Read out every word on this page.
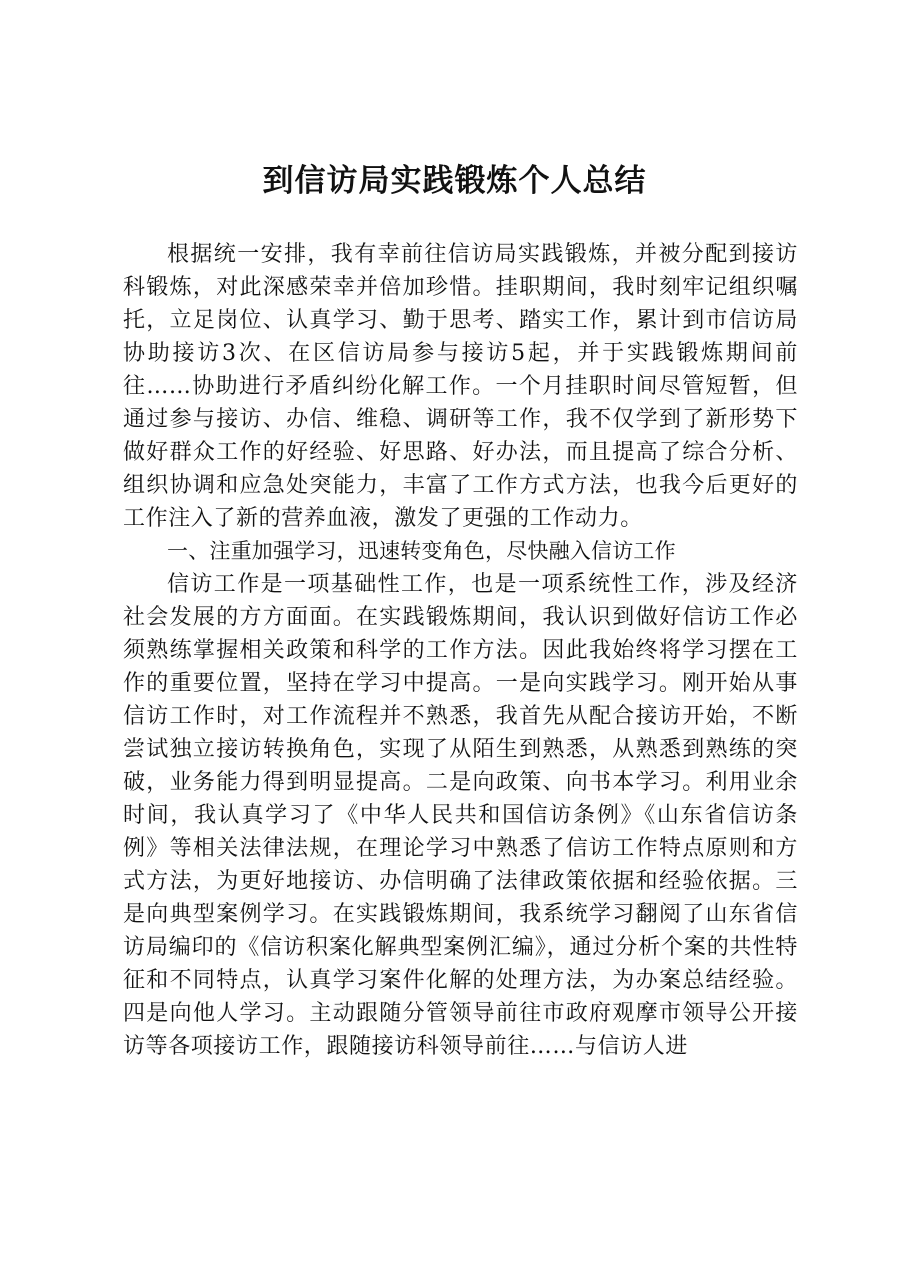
到信访局实践锻炼个人总结

根据统一安排，我有幸前往信访局实践锻炼，并被分配到接访科锻炼，对此深感荣幸并倍加珍惜。挂职期间，我时刻牢记组织嘱托，立足岗位、认真学习、勤于思考、踏实工作，累计到市信访局协助接访3次、在区信访局参与接访5起，并于实践锻炼期间前往……协助进行矛盾纠纷化解工作。一个月挂职时间尽管短暂，但通过参与接访、办信、维稳、调研等工作，我不仅学到了新形势下做好群众工作的好经验、好思路、好办法，而且提高了综合分析、组织协调和应急处突能力，丰富了工作方式方法，也我今后更好的工作注入了新的营养血液，激发了更强的工作动力。

一、注重加强学习，迅速转变角色，尽快融入信访工作

信访工作是一项基础性工作，也是一项系统性工作，涉及经济社会发展的方方面面。在实践锻炼期间，我认识到做好信访工作必须熟练掌握相关政策和科学的工作方法。因此我始终将学习摆在工作的重要位置，坚持在学习中提高。一是向实践学习。刚开始从事信访工作时，对工作流程并不熟悉，我首先从配合接访开始，不断尝试独立接访转换角色，实现了从陌生到熟悉，从熟悉到熟练的突破，业务能力得到明显提高。二是向政策、向书本学习。利用业余时间，我认真学习了《中华人民共和国信访条例》《山东省信访条例》等相关法律法规，在理论学习中熟悉了信访工作特点原则和方式方法，为更好地接访、办信明确了法律政策依据和经验依据。三是向典型案例学习。在实践锻炼期间，我系统学习翻阅了山东省信访局编印的《信访积案化解典型案例汇编》，通过分析个案的共性特征和不同特点，认真学习案件化解的处理方法，为办案总结经验。四是向他人学习。主动跟随分管领导前往市政府观摩市领导公开接访等各项接访工作，跟随接访科领导前往……与信访人进
